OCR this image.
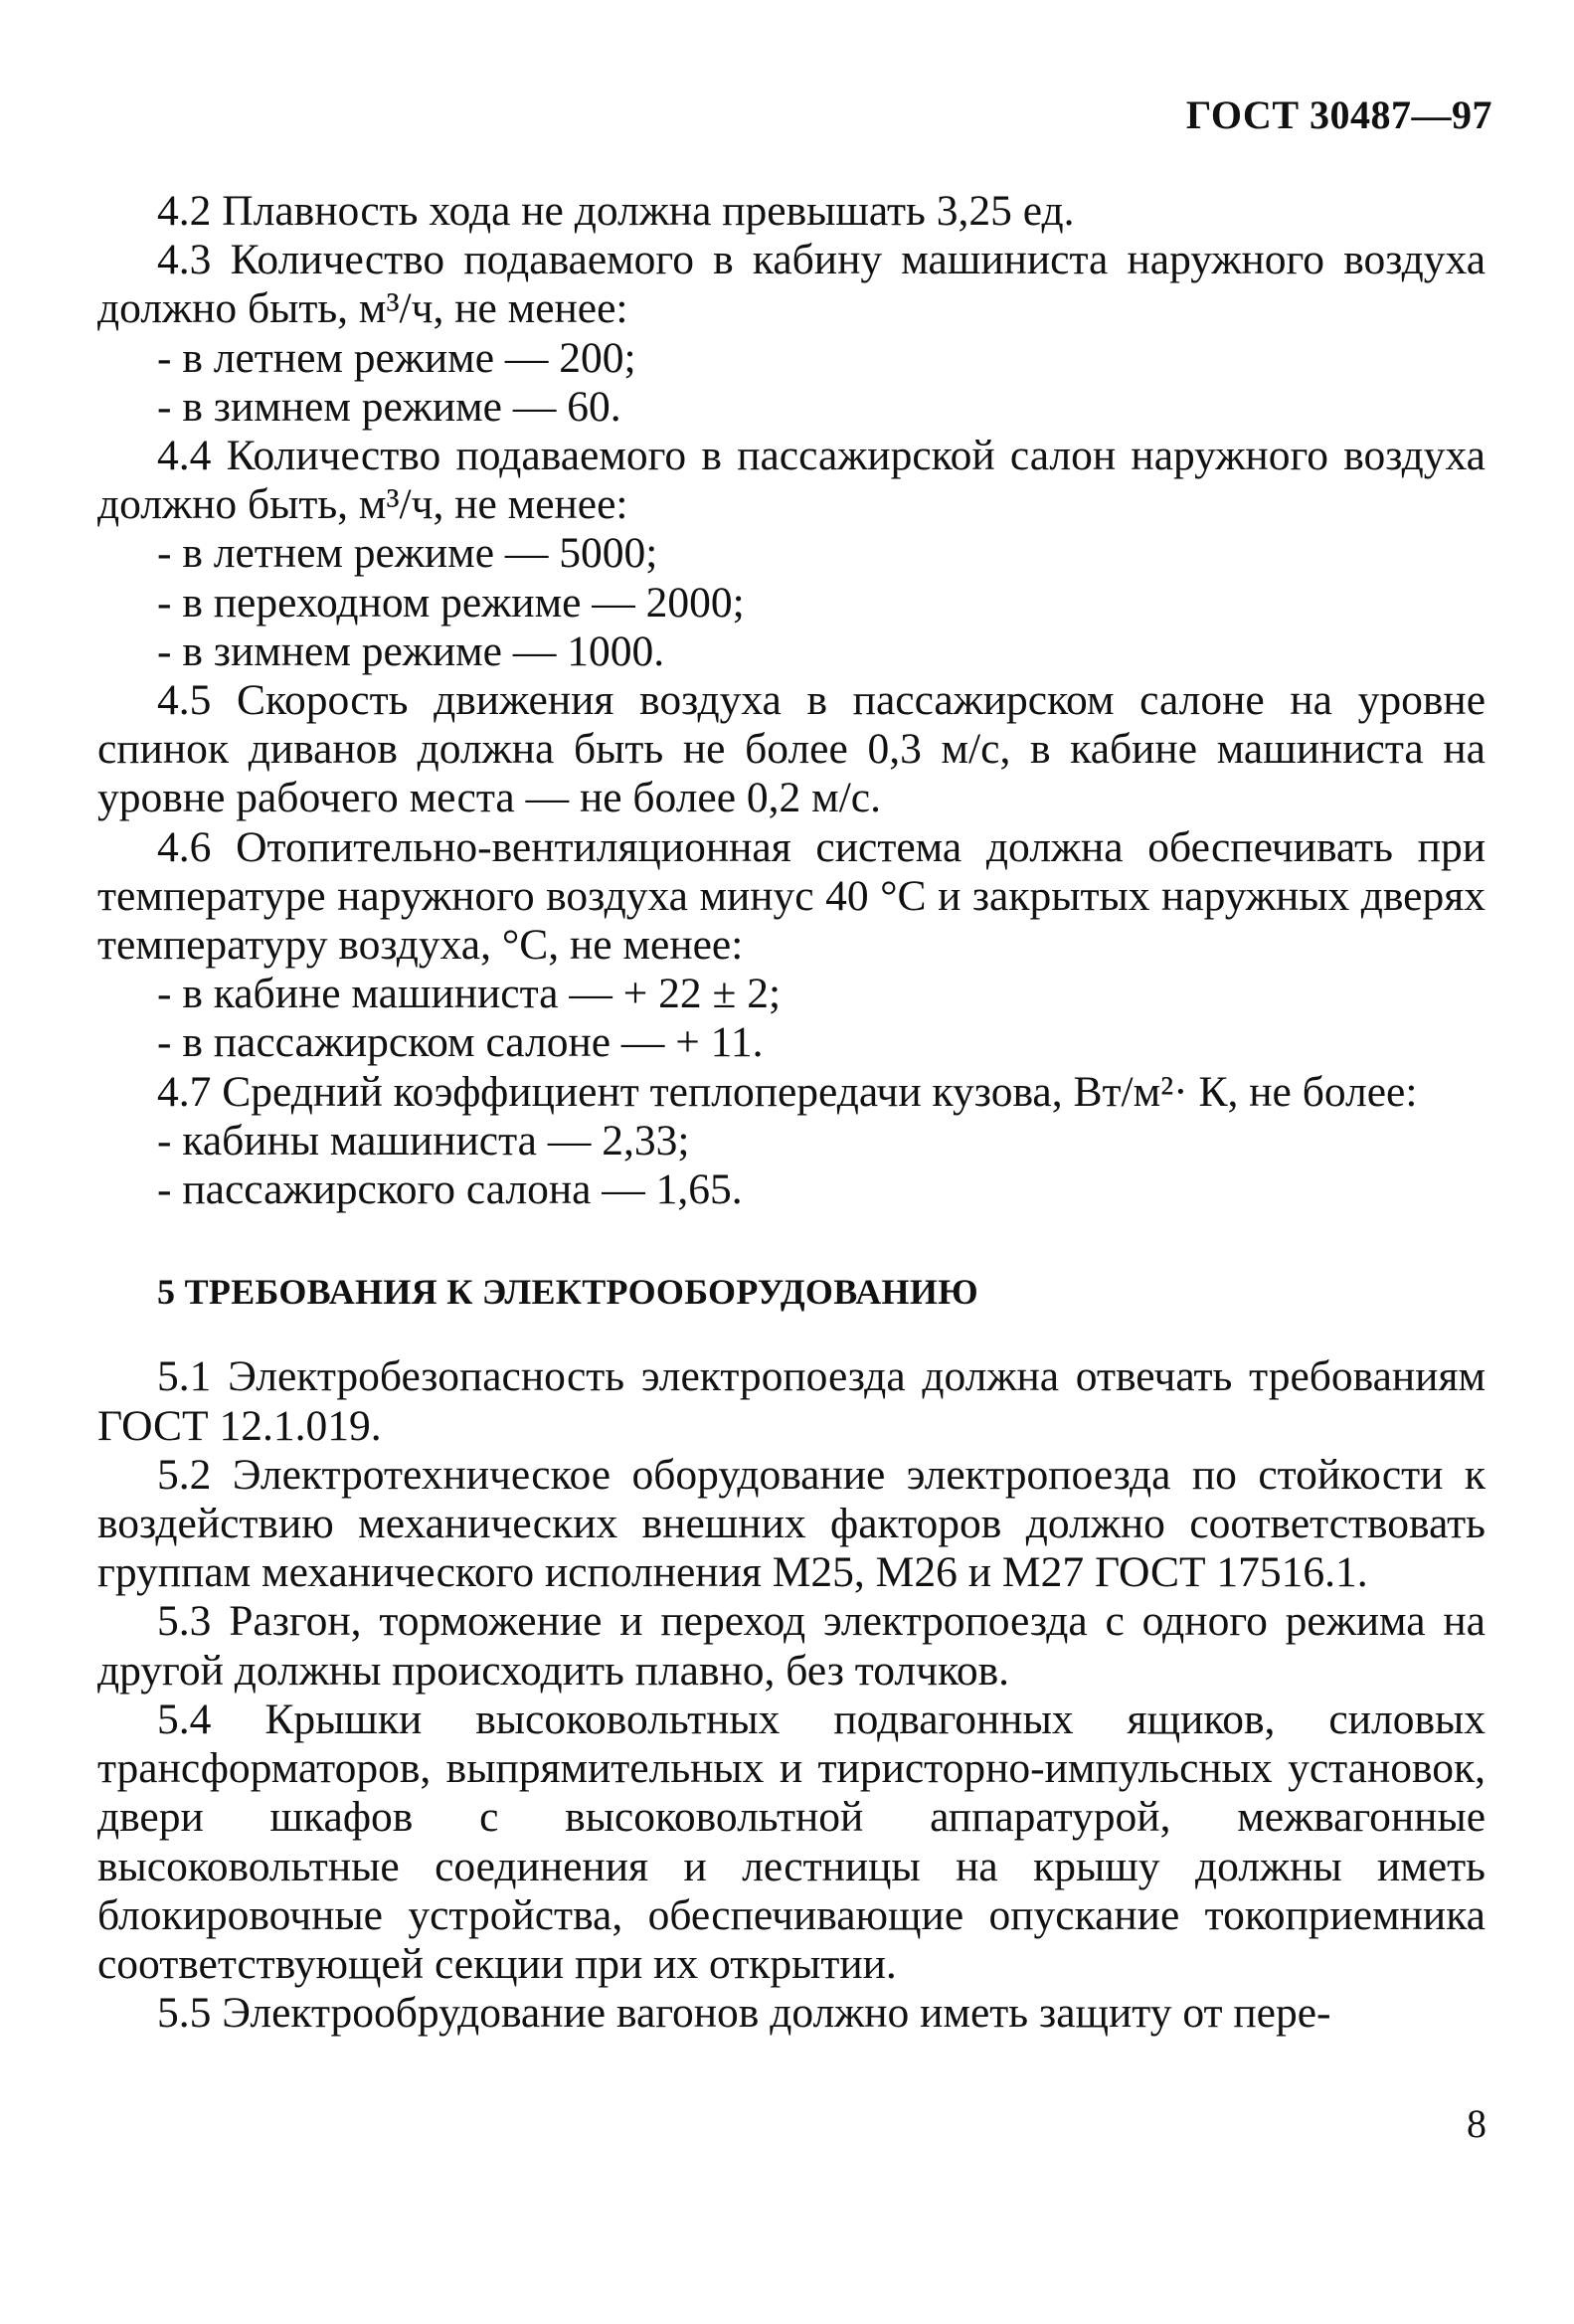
ГОСТ 30487—97

4.2 Плавность хода не должна превышать 3,25 ед.

4.3 Количество подаваемого в кабину машиниста наружного воздуха должно быть, м³/ч, не менее:

- в летнем режиме — 200;

- в зимнем режиме — 60.

4.4 Количество подаваемого в пассажирской салон наружного воздуха должно быть, м³/ч, не менее:

- в летнем режиме — 5000;

- в переходном режиме — 2000;

- в зимнем режиме — 1000.

4.5 Скорость движения воздуха в пассажирском салоне на уровне спинок диванов должна быть не более 0,3 м/с, в кабине машиниста на уровне рабочего места — не более 0,2 м/с.

4.6 Отопительно-вентиляционная система должна обеспечивать при температуре наружного воздуха минус 40 °С и закрытых наружных дверях температуру воздуха, °С, не менее:

- в кабине машиниста — + 22 ± 2;

- в пассажирском салоне — + 11.

4.7 Средний коэффициент теплопередачи кузова, Вт/м²· К, не более:

- кабины машиниста — 2,33;

- пассажирского салона — 1,65.

5 ТРЕБОВАНИЯ К ЭЛЕКТРООБОРУДОВАНИЮ

5.1 Электробезопасность электропоезда должна отвечать требованиям ГОСТ 12.1.019.

5.2 Электротехническое оборудование электропоезда по стойкости к воздействию механических внешних факторов должно соответствовать группам механического исполнения М25, М26 и М27 ГОСТ 17516.1.

5.3 Разгон, торможение и переход электропоезда с одного режима на другой должны происходить плавно, без толчков.

5.4 Крышки высоковольтных подвагонных ящиков, силовых трансформаторов, выпрямительных и тиристорно-импульсных установок, двери шкафов с высоковольтной аппаратурой, межвагонные высоковольтные соединения и лестницы на крышу должны иметь блокировочные устройства, обеспечивающие опускание токоприемника соответствующей секции при их открытии.

5.5 Электрообрудование вагонов должно иметь защиту от пере-

8
